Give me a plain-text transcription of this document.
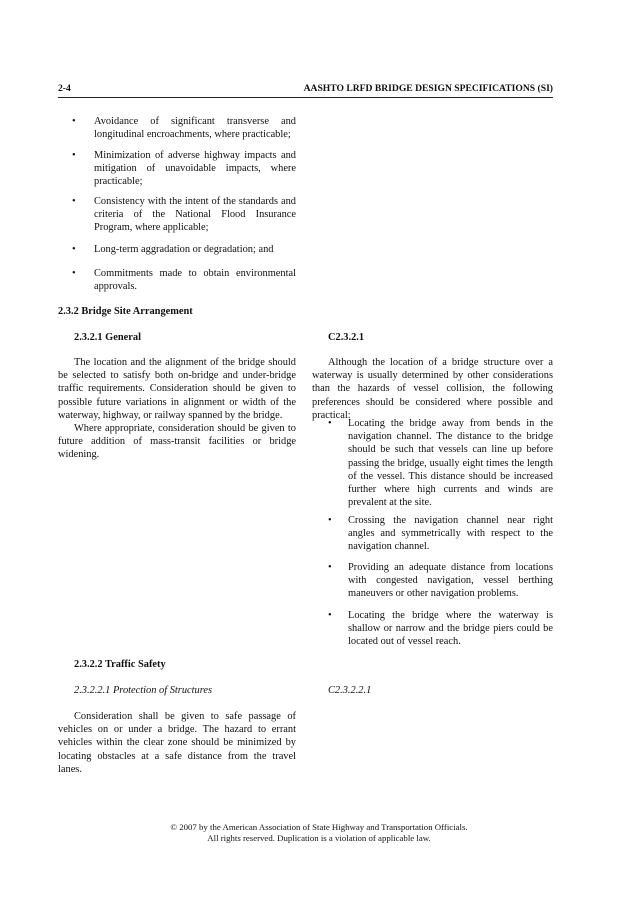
2-4	AASHTO LRFD BRIDGE DESIGN SPECIFICATIONS (SI)
• Avoidance of significant transverse and longitudinal encroachments, where practicable;
• Minimization of adverse highway impacts and mitigation of unavoidable impacts, where practicable;
• Consistency with the intent of the standards and criteria of the National Flood Insurance Program, where applicable;
• Long-term aggradation or degradation; and
• Commitments made to obtain environmental approvals.
2.3.2 Bridge Site Arrangement
2.3.2.1 General

The location and the alignment of the bridge should be selected to satisfy both on-bridge and under-bridge traffic requirements. Consideration should be given to possible future variations in alignment or width of the waterway, highway, or railway spanned by the bridge.

Where appropriate, consideration should be given to future addition of mass-transit facilities or bridge widening.

C2.3.2.1

Although the location of a bridge structure over a waterway is usually determined by other considerations than the hazards of vessel collision, the following preferences should be considered where possible and practical:

• Locating the bridge away from bends in the navigation channel. The distance to the bridge should be such that vessels can line up before passing the bridge, usually eight times the length of the vessel. This distance should be increased further where high currents and winds are prevalent at the site.
• Crossing the navigation channel near right angles and symmetrically with respect to the navigation channel.
• Providing an adequate distance from locations with congested navigation, vessel berthing maneuvers or other navigation problems.
• Locating the bridge where the waterway is shallow or narrow and the bridge piers could be located out of vessel reach.
2.3.2.2 Traffic Safety
2.3.2.2.1 Protection of Structures	C2.3.2.2.1

Consideration shall be given to safe passage of vehicles on or under a bridge. The hazard to errant vehicles within the clear zone should be minimized by locating obstacles at a safe distance from the travel lanes.

© 2007 by the American Association of State Highway and Transportation Officials.
All rights reserved. Duplication is a violation of applicable law.
